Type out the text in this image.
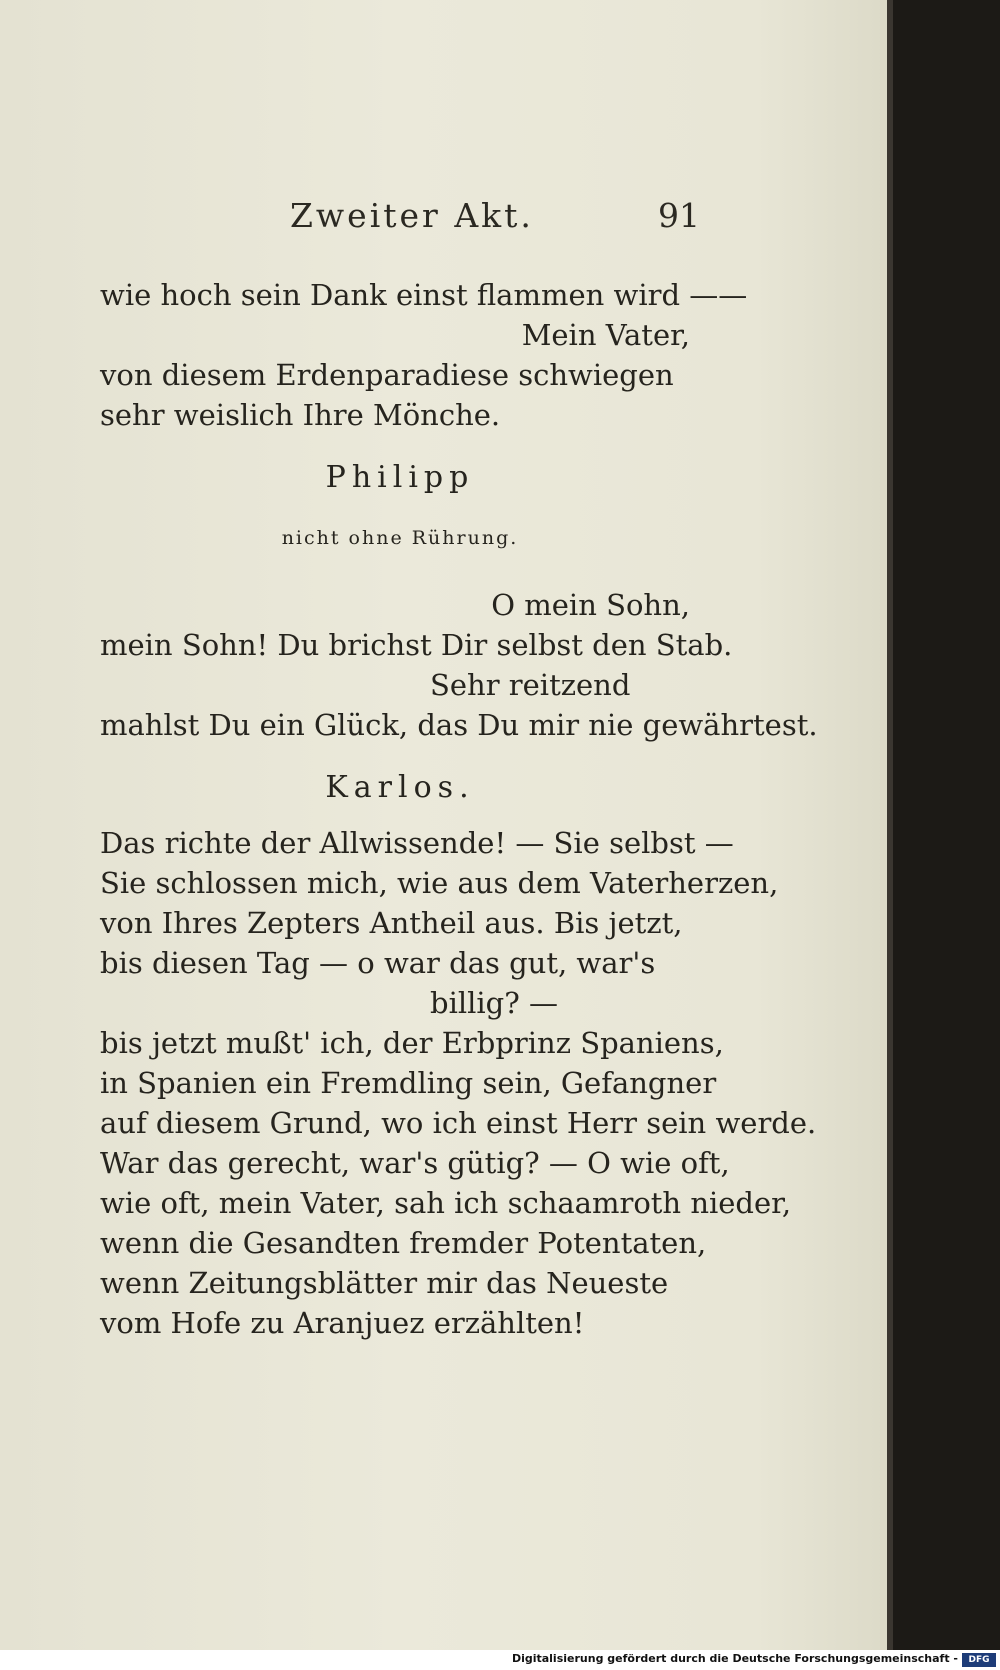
Zweiter Akt.	91
wie hoch sein Dank einst flammen wird ——
Mein Vater,
von diesem Erdenparadiese schwiegen
sehr weislich Ihre Mönche.
Philipp
nicht ohne Rührung.
O mein Sohn,
mein Sohn! Du brichst Dir selbst den Stab.
Sehr reitzend
mahlst Du ein Glück, das Du mir nie gewährtest.
Karlos.
Das richte der Allwissende! — Sie selbst —
Sie schlossen mich, wie aus dem Vaterherzen,
von Ihres Zepters Antheil aus. Bis jetzt,
bis diesen Tag — o war das gut, war's
billig? —
bis jetzt mußt' ich, der Erbprinz Spaniens,
in Spanien ein Fremdling sein, Gefangner
auf diesem Grund, wo ich einst Herr sein werde.
War das gerecht, war's gütig? — O wie oft,
wie oft, mein Vater, sah ich schaamroth nieder,
wenn die Gesandten fremder Potentaten,
wenn Zeitungsblätter mir das Neueste
vom Hofe zu Aranjuez erzählten!
Digitalisierung gefördert durch die Deutsche Forschungsgemeinschaft -	DFG
